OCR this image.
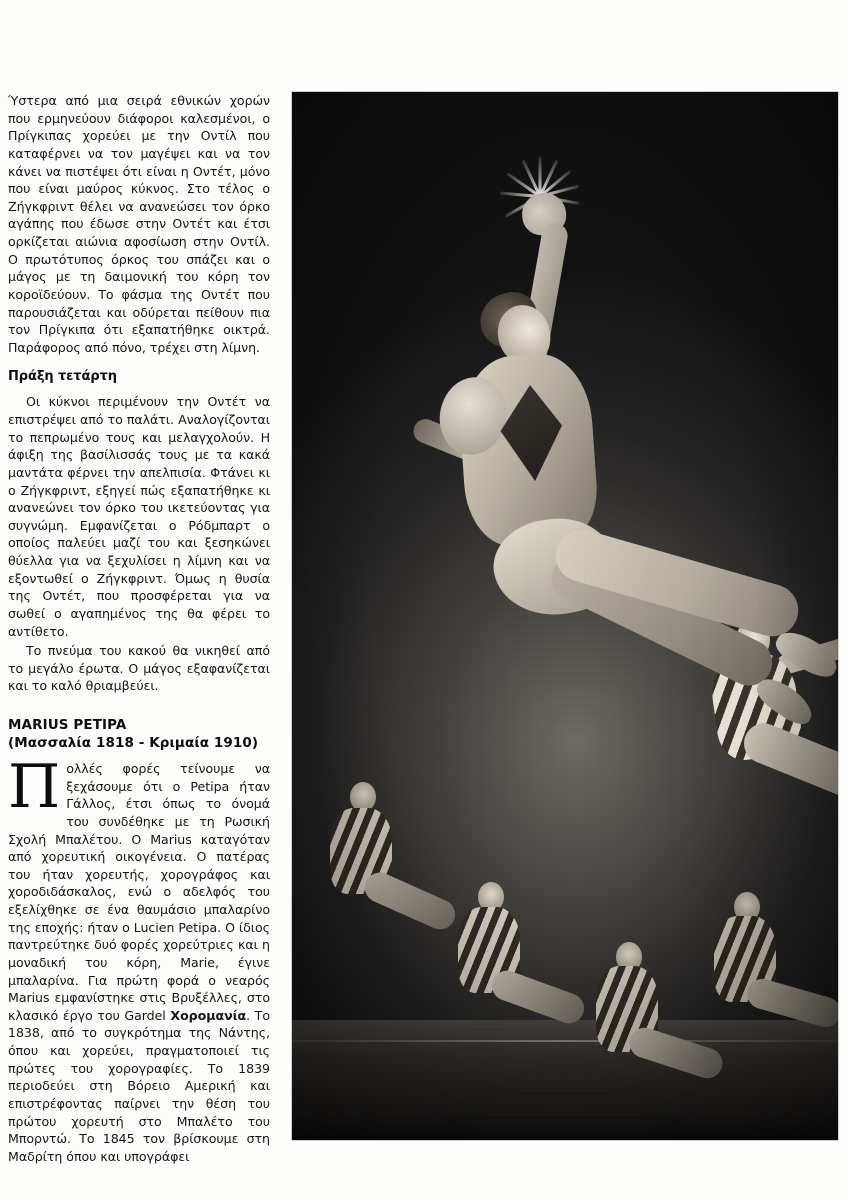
Ύστερα από μια σειρά εθνικών χορών που ερμηνεύουν διάφοροι καλεσμένοι, ο Πρίγκιπας χορεύει με την Οντίλ που καταφέρνει να τον μαγέψει και να τον κάνει να πιστέψει ότι είναι η Οντέτ, μόνο που είναι μαύρος κύκνος. Στο τέλος ο Ζήγκφριντ θέλει να ανανεώσει τον όρκο αγάπης που έδωσε στην Οντέτ και έτσι ορκίζεται αιώνια αφοσίωση στην Οντίλ. Ο πρωτότυπος όρκος του σπάζει και ο μάγος με τη δαιμονική του κόρη τον κοροϊδεύουν. Το φάσμα της Οντέτ που παρουσιάζεται και οδύρεται πείθουν πια τον Πρίγκιπα ότι εξαπατήθηκε οικτρά. Παράφορος από πόνο, τρέχει στη λίμνη.

Πράξη τετάρτη

Οι κύκνοι περιμένουν την Οντέτ να επιστρέψει από το παλάτι. Αναλογίζονται το πεπρωμένο τους και μελαγχολούν. Η άφιξη της βασίλισσάς τους με τα κακά μαντάτα φέρνει την απελπισία. Φτάνει κι ο Ζήγκφριντ, εξηγεί πώς εξαπατήθηκε κι ανανεώνει τον όρκο του ικετεύοντας για συγνώμη. Εμφανίζεται ο Ρόδμπαρτ ο οποίος παλεύει μαζί του και ξεσηκώνει θύελλα για να ξεχυλίσει η λίμνη και να εξοντωθεί ο Ζήγκφριντ. Όμως η θυσία της Οντέτ, που προσφέρεται για να σωθεί ο αγαπημένος της θα φέρει το αντίθετο.

Το πνεύμα του κακού θα νικηθεί από το μεγάλο έρωτα. Ο μάγος εξαφανίζεται και το καλό θριαμβεύει.

MARIUS PETIPA
(Μασσαλία 1818 - Κριμαία 1910)

Πολλές φορές τείνουμε να ξεχάσουμε ότι ο Petipa ήταν Γάλλος, έτσι όπως το όνομά του συνδέθηκε με τη Ρωσική Σχολή Μπαλέτου. Ο Marius καταγόταν από χορευτική οικογένεια. Ο πατέρας του ήταν χορευτής, χορογράφος και χοροδιδάσκαλος, ενώ ο αδελφός του εξελίχθηκε σε ένα θαυμάσιο μπαλαρίνο της εποχής: ήταν ο Lucien Petipa. Ο ίδιος παντρεύτηκε δυό φορές χορεύτριες και η μοναδική του κόρη, Marie, έγινε μπαλαρίνα. Για πρώτη φορά ο νεαρός Marius εμφανίστηκε στις Βρυξέλλες, στο κλασικό έργο του Gardel Χορομανία. Το 1838, από το συγκρότημα της Νάντης, όπου και χορεύει, πραγματοποιεί τις πρώτες του χορογραφίες. Το 1839 περιοδεύει στη Βόρειο Αμερική και επιστρέφοντας παίρνει την θέση του πρώτου χορευτή στο Μπαλέτο του Μπορντώ. Το 1845 τον βρίσκουμε στη Μαδρίτη όπου και υπογράφει
